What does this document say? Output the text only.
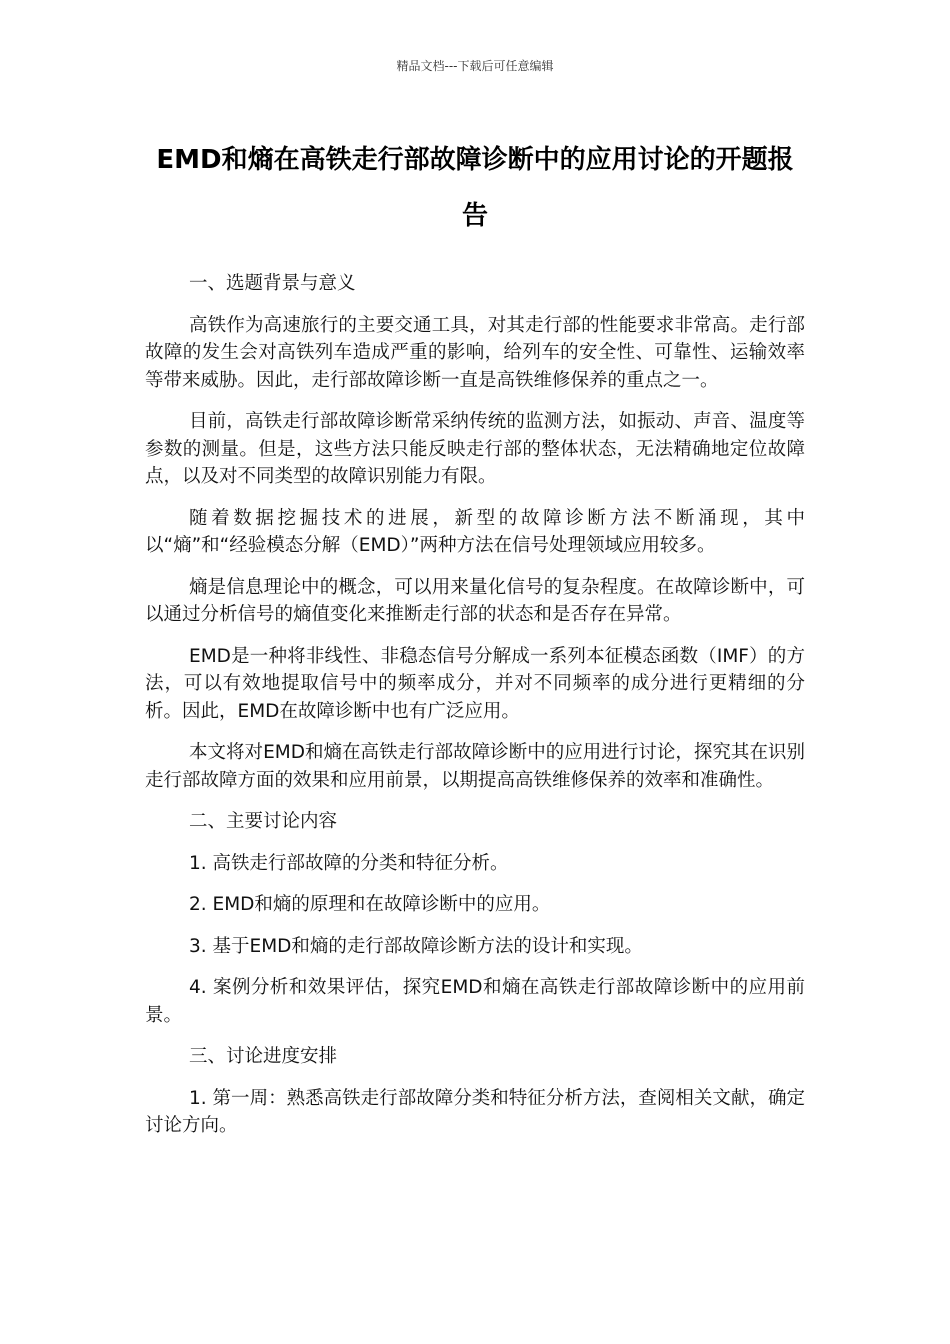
精品文档---下载后可任意编辑
EMD和熵在高铁走行部故障诊断中的应用讨论的开题报告

一、选题背景与意义

高铁作为高速旅行的主要交通工具，对其走行部的性能要求非常高。走行部故障的发生会对高铁列车造成严重的影响，给列车的安全性、可靠性、运输效率等带来威胁。因此，走行部故障诊断一直是高铁维修保养的重点之一。

目前，高铁走行部故障诊断常采纳传统的监测方法，如振动、声音、温度等参数的测量。但是，这些方法只能反映走行部的整体状态，无法精确地定位故障点，以及对不同类型的故障识别能力有限。

随着数据挖掘技术的进展，新型的故障诊断方法不断涌现，其中以“熵”和“经验模态分解（EMD）”两种方法在信号处理领域应用较多。

熵是信息理论中的概念，可以用来量化信号的复杂程度。在故障诊断中，可以通过分析信号的熵值变化来推断走行部的状态和是否存在异常。

EMD是一种将非线性、非稳态信号分解成一系列本征模态函数（IMF）的方法，可以有效地提取信号中的频率成分，并对不同频率的成分进行更精细的分析。因此，EMD在故障诊断中也有广泛应用。

本文将对EMD和熵在高铁走行部故障诊断中的应用进行讨论，探究其在识别走行部故障方面的效果和应用前景，以期提高高铁维修保养的效率和准确性。

二、主要讨论内容

1. 高铁走行部故障的分类和特征分析。

2. EMD和熵的原理和在故障诊断中的应用。

3. 基于EMD和熵的走行部故障诊断方法的设计和实现。

4. 案例分析和效果评估，探究EMD和熵在高铁走行部故障诊断中的应用前景。

三、讨论进度安排

1. 第一周：熟悉高铁走行部故障分类和特征分析方法，查阅相关文献，确定讨论方向。
